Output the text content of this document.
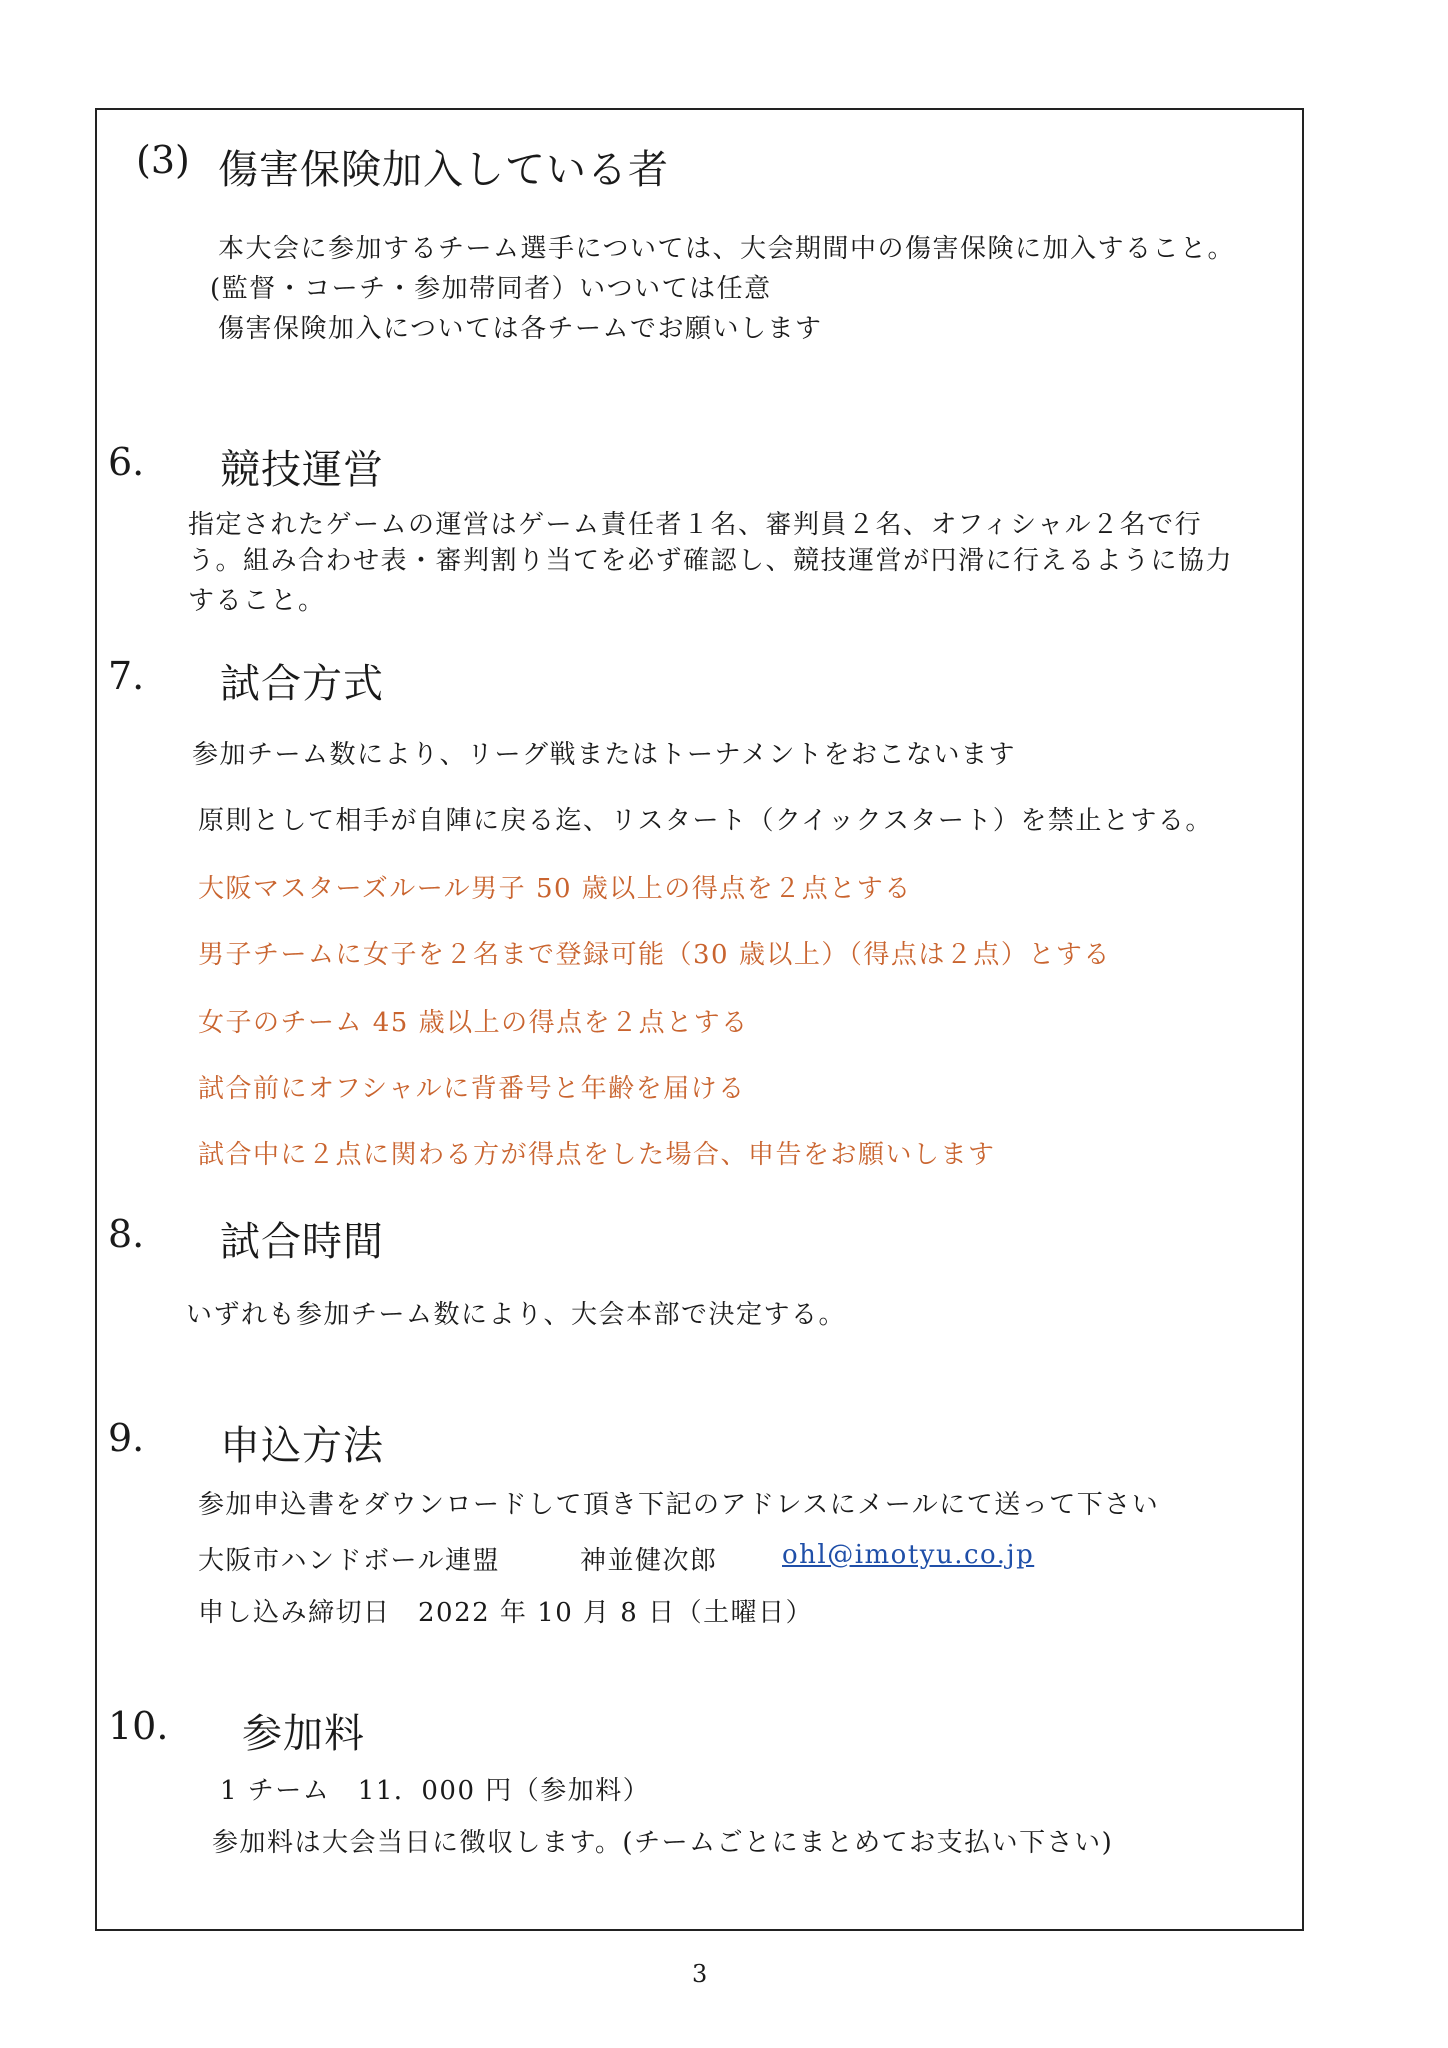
(3) 傷害保険加入している者
本大会に参加するチーム選手については、大会期間中の傷害保険に加入すること。
(監督・コーチ・参加帯同者）いついては任意
傷害保険加入については各チームでお願いします
6. 競技運営
指定されたゲームの運営はゲーム責任者１名、審判員２名、オフィシャル２名で行
う。組み合わせ表・審判割り当てを必ず確認し、競技運営が円滑に行えるように協力
すること。
7. 試合方式
参加チーム数により、リーグ戦またはトーナメントをおこないます
原則として相手が自陣に戻る迄、リスタート（クイックスタート）を禁止とする。
大阪マスターズルール男子 50 歳以上の得点を２点とする
男子チームに女子を２名まで登録可能（30 歳以上）（得点は２点）とする
女子のチーム 45 歳以上の得点を２点とする
試合前にオフシャルに背番号と年齢を届ける
試合中に２点に関わる方が得点をした場合、申告をお願いします
8. 試合時間
いずれも参加チーム数により、大会本部で決定する。
9. 申込方法
参加申込書をダウンロードして頂き下記のアドレスにメールにて送って下さい
大阪市ハンドボール連盟	神並健次郎 ohl@imotyu.co.jp
申し込み締切日　2022 年 10 月 8 日（土曜日）
10. 参加料
1 チーム　11．000 円（参加料）
参加料は大会当日に徴収します。(チームごとにまとめてお支払い下さい)
3
